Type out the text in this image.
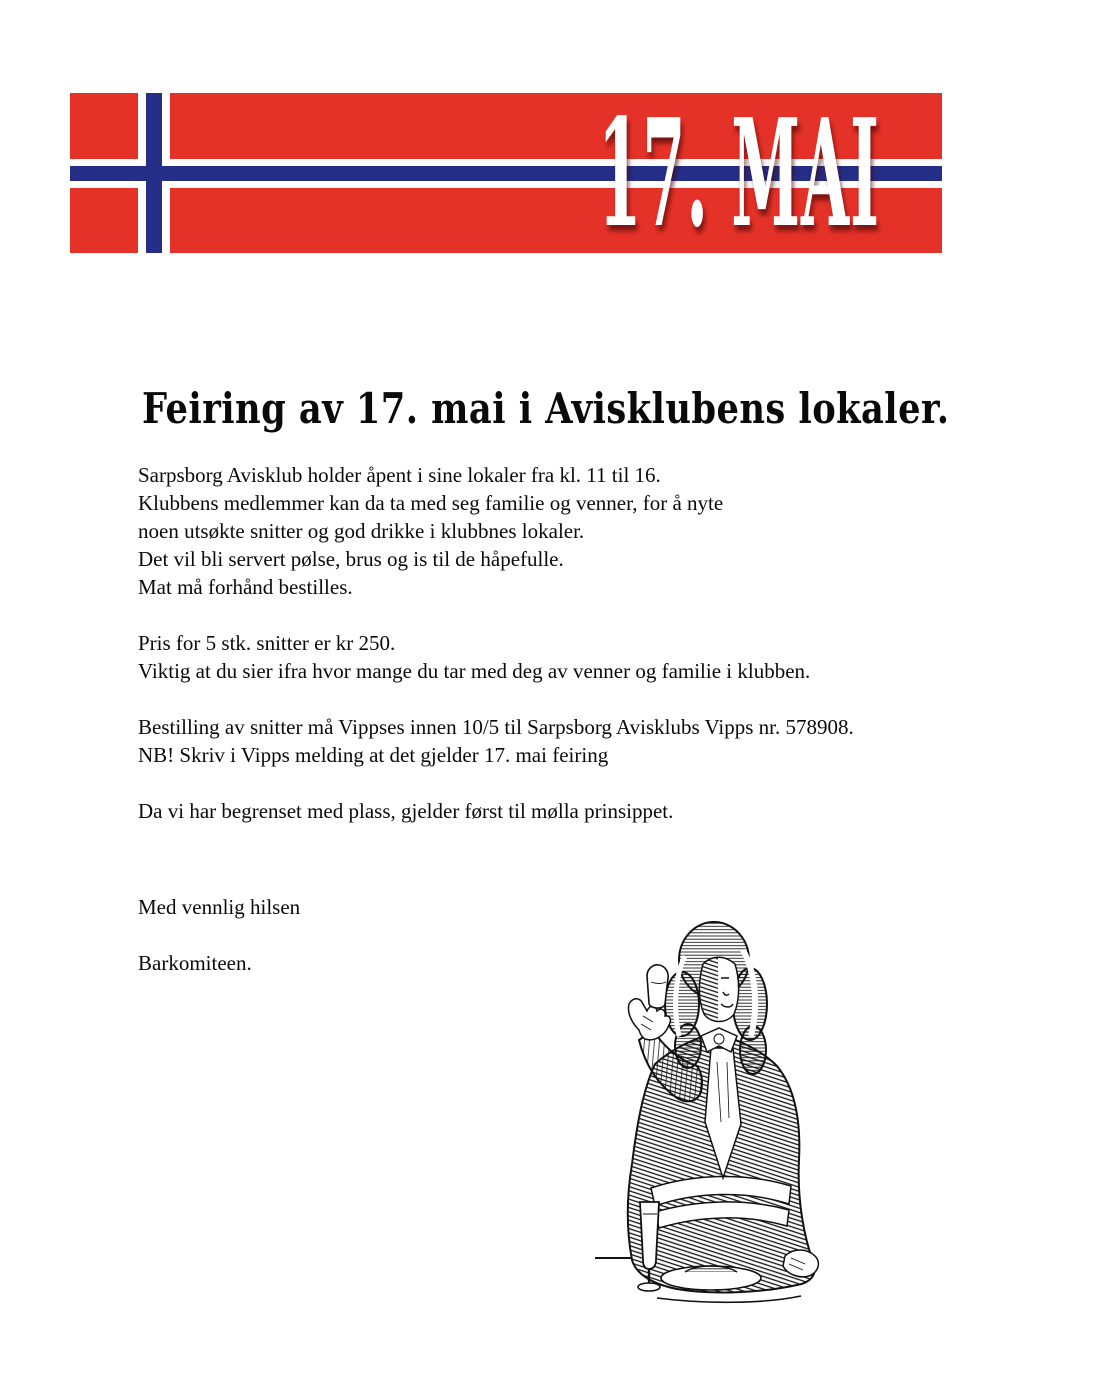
17. MAI
Feiring av 17. mai i Avisklubens lokaler.

Sarpsborg Avisklub holder åpent i sine lokaler fra kl. 11 til 16.
Klubbens medlemmer kan da ta med seg familie og venner, for å nyte
noen utsøkte snitter og god drikke i klubbnes lokaler.
Det vil bli servert pølse, brus og is til de håpefulle.
Mat må forhånd bestilles.

Pris for 5 stk. snitter er kr 250.
Viktig at du sier ifra hvor mange du tar med deg av venner og familie i klubben.

Bestilling av snitter må Vippses innen 10/5 til Sarpsborg Avisklubs Vipps nr. 578908.
NB! Skriv i Vipps melding at det gjelder 17. mai feiring

Da vi har begrenset med plass, gjelder først til mølla prinsippet.

Med vennlig hilsen

Barkomiteen.
